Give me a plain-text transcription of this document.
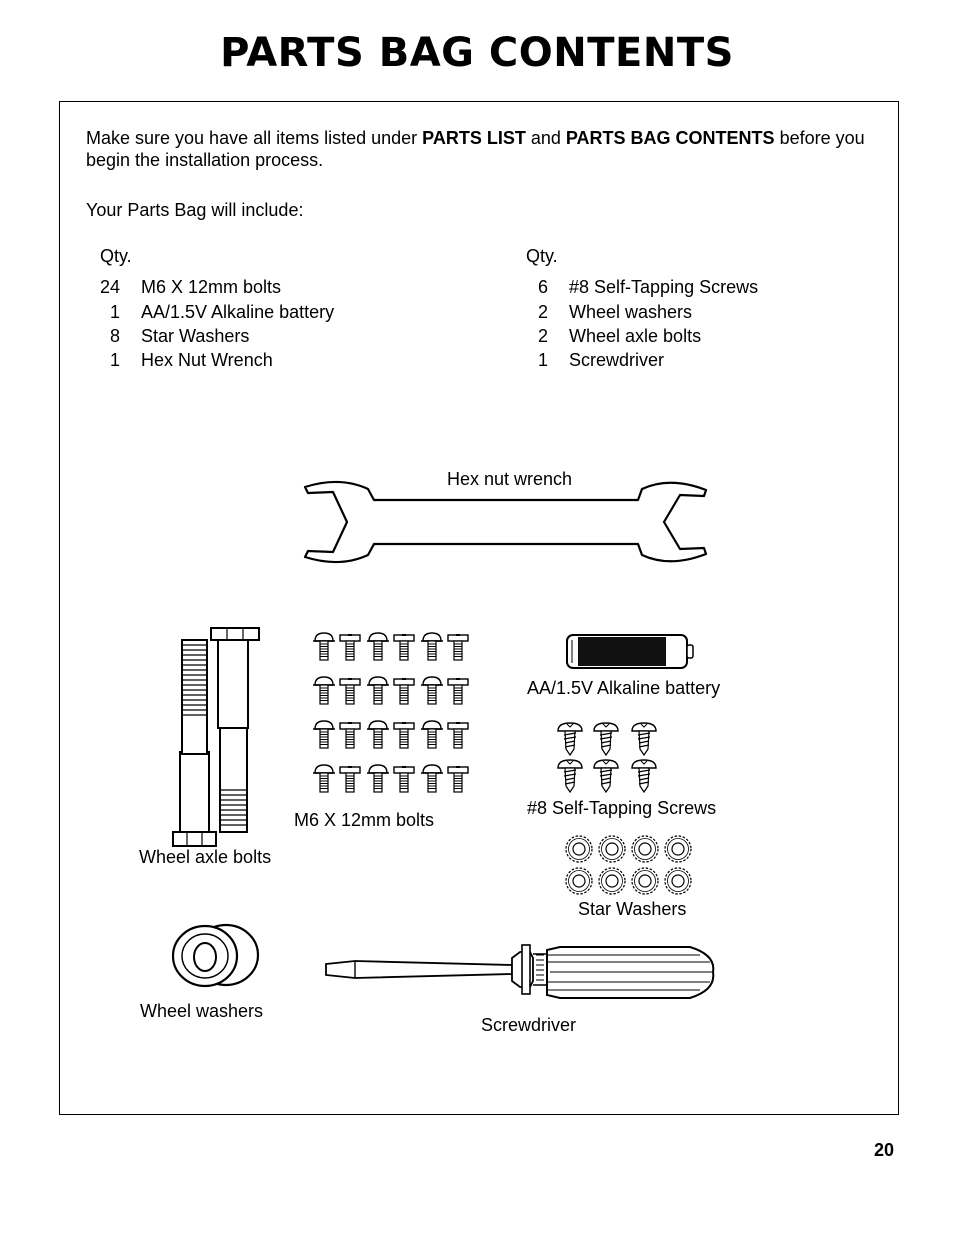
PARTS BAG CONTENTS
Make sure you have all items listed under PARTS LIST and PARTS BAG CONTENTS before you begin the installation process.
Your Parts Bag will include:
Qty.
24 M6 X 12mm bolts
1 AA/1.5V Alkaline battery
8 Star Washers
1 Hex Nut Wrench
Qty.
6 #8 Self-Tapping Screws
2 Wheel washers
2 Wheel axle bolts
1 Screwdriver
Hex nut wrench
AA/1.5V Alkaline battery
#8 Self-Tapping Screws
M6 X 12mm bolts
Wheel axle bolts
Star Washers
Wheel washers
Screwdriver
20
